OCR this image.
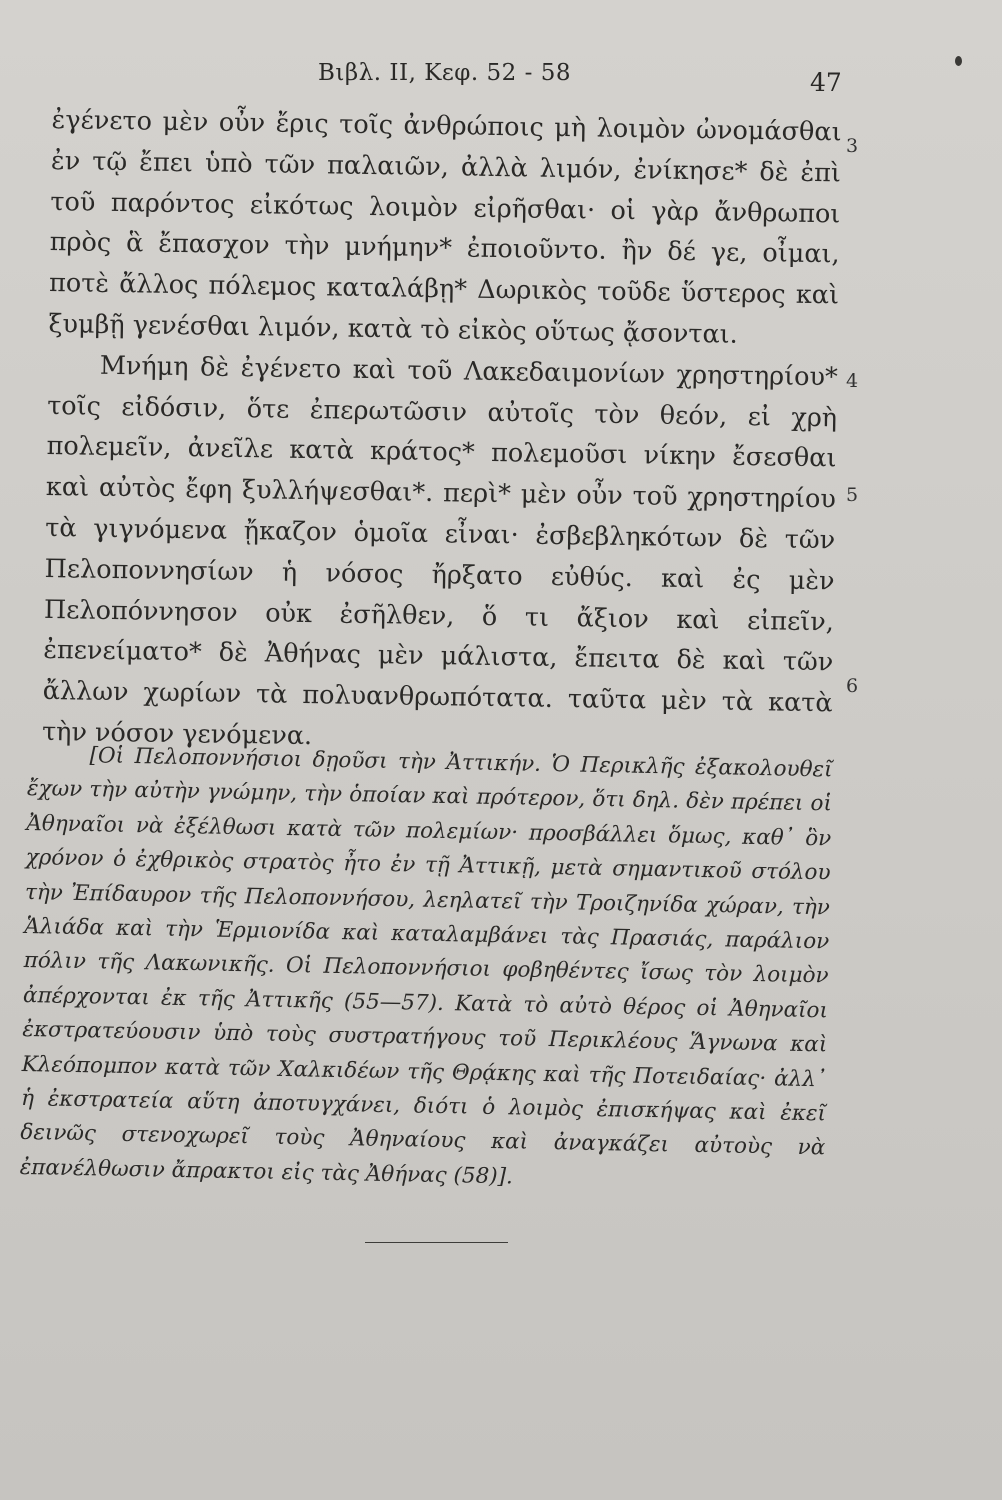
Βιβλ. II, Κεφ. 52 - 58	47

ἐγένετο μὲν οὖν ἔρις τοῖς ἀνθρώποις μὴ λοιμὸν ὠνομάσθαι ἐν τῷ ἔπει ὑπὸ τῶν παλαιῶν, ἀλλὰ λιμόν, ἐνίκησε* δὲ ἐπὶ τοῦ παρόντος εἰκότως λοιμὸν εἰρῆσθαι· οἱ γὰρ ἄνθρωποι πρὸς ἃ ἔπασχον τὴν μνήμην* ἐποιοῦντο. ἢν δέ γε, οἶμαι, ποτὲ ἄλλος πόλεμος καταλάβῃ* Δωρικὸς τοῦδε ὕστερος καὶ ξυμβῇ γενέσθαι λιμόν, κατὰ τὸ εἰκὸς οὕτως ᾄσονται.

Μνήμη δὲ ἐγένετο καὶ τοῦ Λακεδαιμονίων χρηστηρίου* τοῖς εἰδόσιν, ὅτε ἐπερωτῶσιν αὐτοῖς τὸν θεόν, εἰ χρὴ πολεμεῖν, ἀνεῖλε κατὰ κράτος* πολεμοῦσι νίκην ἔσεσθαι καὶ αὐτὸς ἔφη ξυλλήψεσθαι*. περὶ* μὲν οὖν τοῦ χρηστηρίου τὰ γιγνόμενα ᾔκαζον ὁμοῖα εἶναι· ἐσβεβληκότων δὲ τῶν Πελοποννησίων ἡ νόσος ἤρξατο εὐθύς. καὶ ἐς μὲν Πελοπόννησον οὐκ ἐσῆλθεν, ὅ τι ἄξιον καὶ εἰπεῖν, ἐπενείματο* δὲ Ἀθήνας μὲν μάλιστα, ἔπειτα δὲ καὶ τῶν ἄλλων χωρίων τὰ πολυανθρωπότατα. ταῦτα μὲν τὰ κατὰ τὴν νόσον γενόμενα.

3
4
5
6

[Οἱ Πελοποννήσιοι δῃοῦσι τὴν Ἀττικήν. Ὁ Περικλῆς ἐξακολουθεῖ ἔχων τὴν αὐτὴν γνώμην, τὴν ὁποίαν καὶ πρότερον, ὅτι δηλ. δὲν πρέπει οἱ Ἀθηναῖοι νὰ ἐξέλθωσι κατὰ τῶν πολεμίων· προσβάλλει ὅμως, καθ᾽ ὃν χρόνον ὁ ἐχθρικὸς στρατὸς ἦτο ἐν τῇ Ἀττικῇ, μετὰ σημαντικοῦ στόλου τὴν Ἐπίδαυρον τῆς Πελοποννήσου, λεηλατεῖ τὴν Τροιζηνίδα χώραν, τὴν Ἁλιάδα καὶ τὴν Ἑρμιονίδα καὶ καταλαμβάνει τὰς Πρασιάς, παράλιον πόλιν τῆς Λακωνικῆς. Οἱ Πελοποννήσιοι φοβηθέντες ἴσως τὸν λοιμὸν ἀπέρχονται ἐκ τῆς Ἀττικῆς (55—57). Κατὰ τὸ αὐτὸ θέρος οἱ Ἀθηναῖοι ἐκστρατεύουσιν ὑπὸ τοὺς συστρατήγους τοῦ Περικλέους Ἅγνωνα καὶ Κλεόπομπον κατὰ τῶν Χαλκιδέων τῆς Θρᾴκης καὶ τῆς Ποτειδαίας· ἀλλ᾽ ἡ ἐκστρατεία αὕτη ἀποτυγχάνει, διότι ὁ λοιμὸς ἐπισκήψας καὶ ἐκεῖ δεινῶς στενοχωρεῖ τοὺς Ἀθηναίους καὶ ἀναγκάζει αὐτοὺς νὰ ἐπανέλθωσιν ἄπρακτοι εἰς τὰς Ἀθήνας (58)].
